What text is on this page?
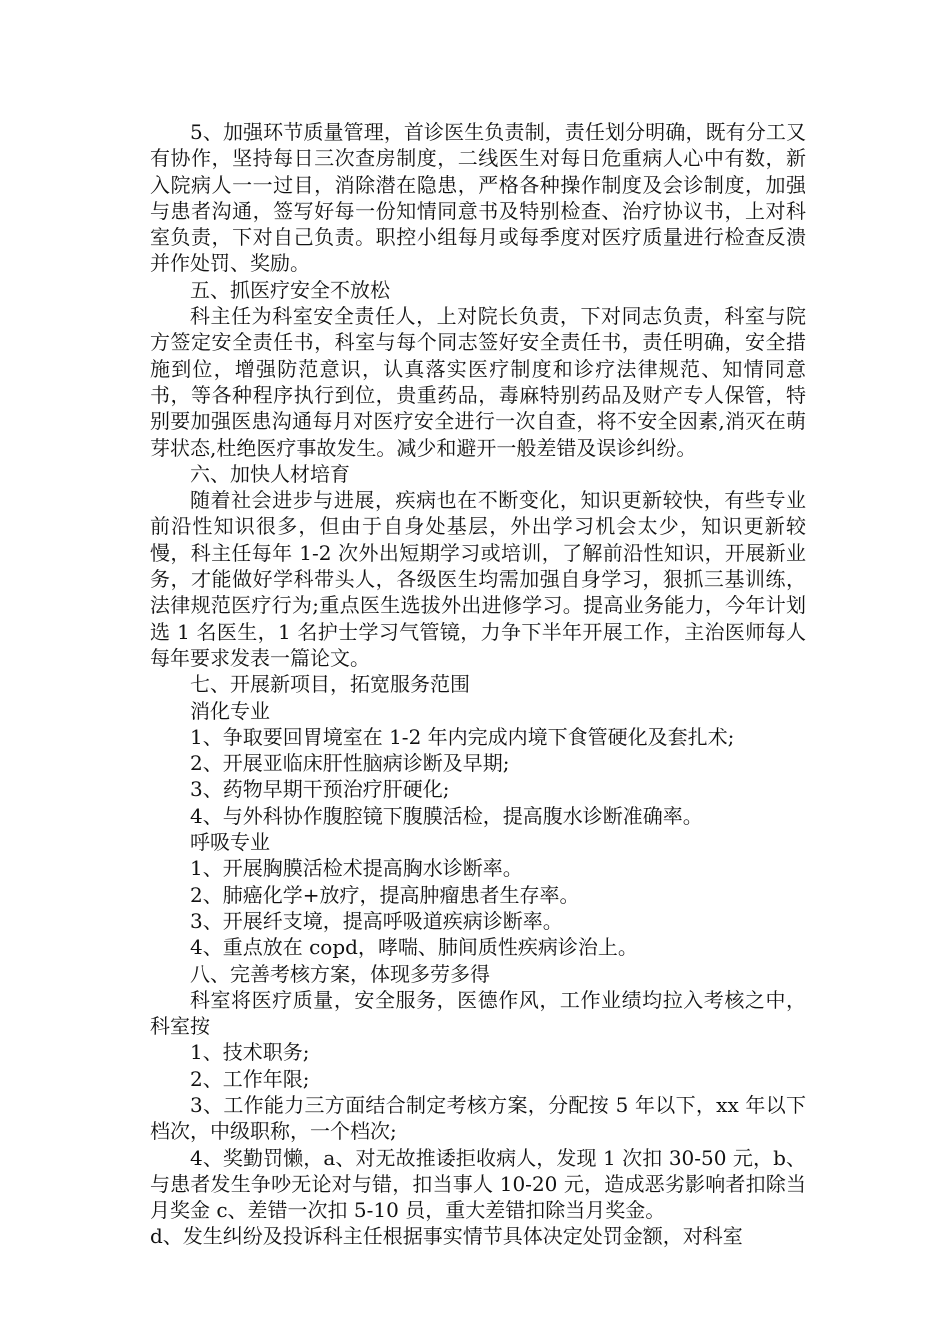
5、加强环节质量管理，首诊医生负责制，责任划分明确，既有分工又有协作，坚持每日三次查房制度，二线医生对每日危重病人心中有数，新入院病人一一过目，消除潜在隐患，严格各种操作制度及会诊制度，加强与患者沟通，签写好每一份知情同意书及特别检查、治疗协议书，上对科室负责，下对自己负责。职控小组每月或每季度对医疗质量进行检查反溃并作处罚、奖励。

五、抓医疗安全不放松

科主任为科室安全责任人，上对院长负责，下对同志负责，科室与院方签定安全责任书，科室与每个同志签好安全责任书，责任明确，安全措施到位，增强防范意识，认真落实医疗制度和诊疗法律规范、知情同意书，等各种程序执行到位，贵重药品，毒麻特别药品及财产专人保管，特别要加强医患沟通每月对医疗安全进行一次自查，将不安全因素,消灭在萌芽状态,杜绝医疗事故发生。减少和避开一般差错及误诊纠纷。

六、加快人材培育

随着社会进步与进展，疾病也在不断变化，知识更新较快，有些专业前沿性知识很多，但由于自身处基层，外出学习机会太少，知识更新较慢，科主任每年 1-2 次外出短期学习或培训，了解前沿性知识，开展新业务，才能做好学科带头人，各级医生均需加强自身学习，狠抓三基训练，法律规范医疗行为;重点医生选拔外出进修学习。提高业务能力，今年计划选 1 名医生，1 名护士学习气管镜，力争下半年开展工作，主治医师每人每年要求发表一篇论文。

七、开展新项目，拓宽服务范围

消化专业

1、争取要回胃境室在 1-2 年内完成内境下食管硬化及套扎术;

2、开展亚临床肝性脑病诊断及早期;

3、药物早期干预治疗肝硬化;

4、与外科协作腹腔镜下腹膜活检，提高腹水诊断准确率。

呼吸专业

1、开展胸膜活检术提高胸水诊断率。

2、肺癌化学+放疗，提高肿瘤患者生存率。

3、开展纤支境，提高呼吸道疾病诊断率。

4、重点放在 copd，哮喘、肺间质性疾病诊治上。

八、完善考核方案，体现多劳多得

科室将医疗质量，安全服务，医德作风，工作业绩均拉入考核之中，科室按

1、技术职务;

2、工作年限;

3、工作能力三方面结合制定考核方案，分配按 5 年以下，xx 年以下档次，中级职称，一个档次;

4、奖勤罚懒，a、对无故推诿拒收病人，发现 1 次扣 30-50 元，b、与患者发生争吵无论对与错，扣当事人 10-20 元，造成恶劣影响者扣除当月奖金 c、差错一次扣 5-10 员，重大差错扣除当月奖金。

d、发生纠纷及投诉科主任根据事实情节具体决定处罚金额，对科室
